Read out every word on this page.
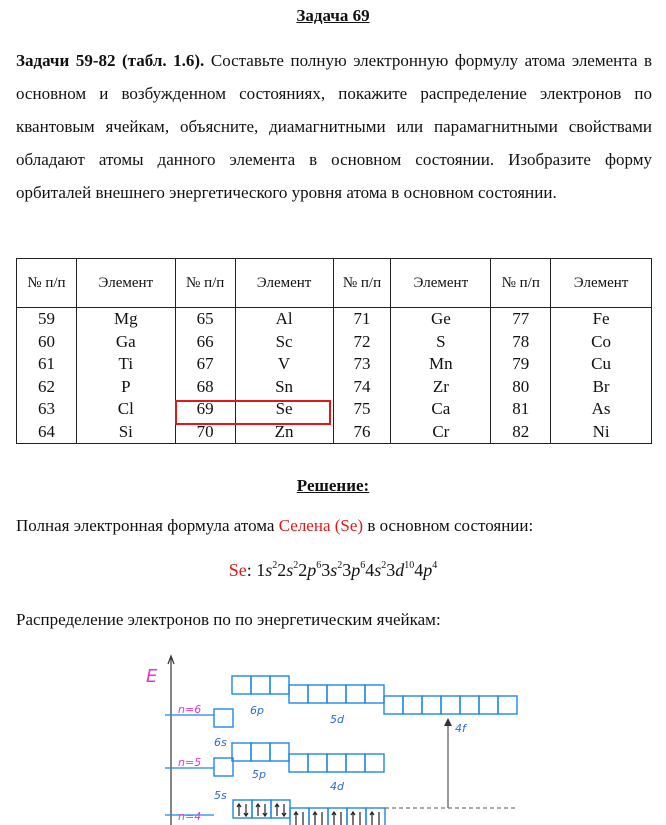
Задача 69
Задачи 59-82 (табл. 1.6). Составьте полную электронную формулу атома элемента в основном и возбужденном состояниях, покажите распределение электронов по квантовым ячейкам, объясните, диамагнитными или парамагнитными свойствами обладают атомы данного элемента в основном состоянии. Изобразите форму орбиталей внешнего энергетического уровня атома в основном состоянии.
№ п/п	Элемент	№ п/п	Элемент	№ п/п	Элемент	№ п/п	Элемент
59	Mg	65	Al	71	Ge	77	Fe
60	Ga	66	Sc	72	S	78	Co
61	Ti	67	V	73	Mn	79	Cu
62	P	68	Sn	74	Zr	80	Br
63	Cl	69	Se	75	Ca	81	As
64	Si	70	Zn	76	Cr	82	Ni
Решение:
Полная электронная формула атома Селена (Se) в основном состоянии:
Se: $1s^22s^22p^63s^23p^64s^23d^{10}4p^4$
Распределение электронов по по энергетическим ячейкам:
E
n=6
n=5
n=4
6p
5d
6s
4f
5p
4d
5s
